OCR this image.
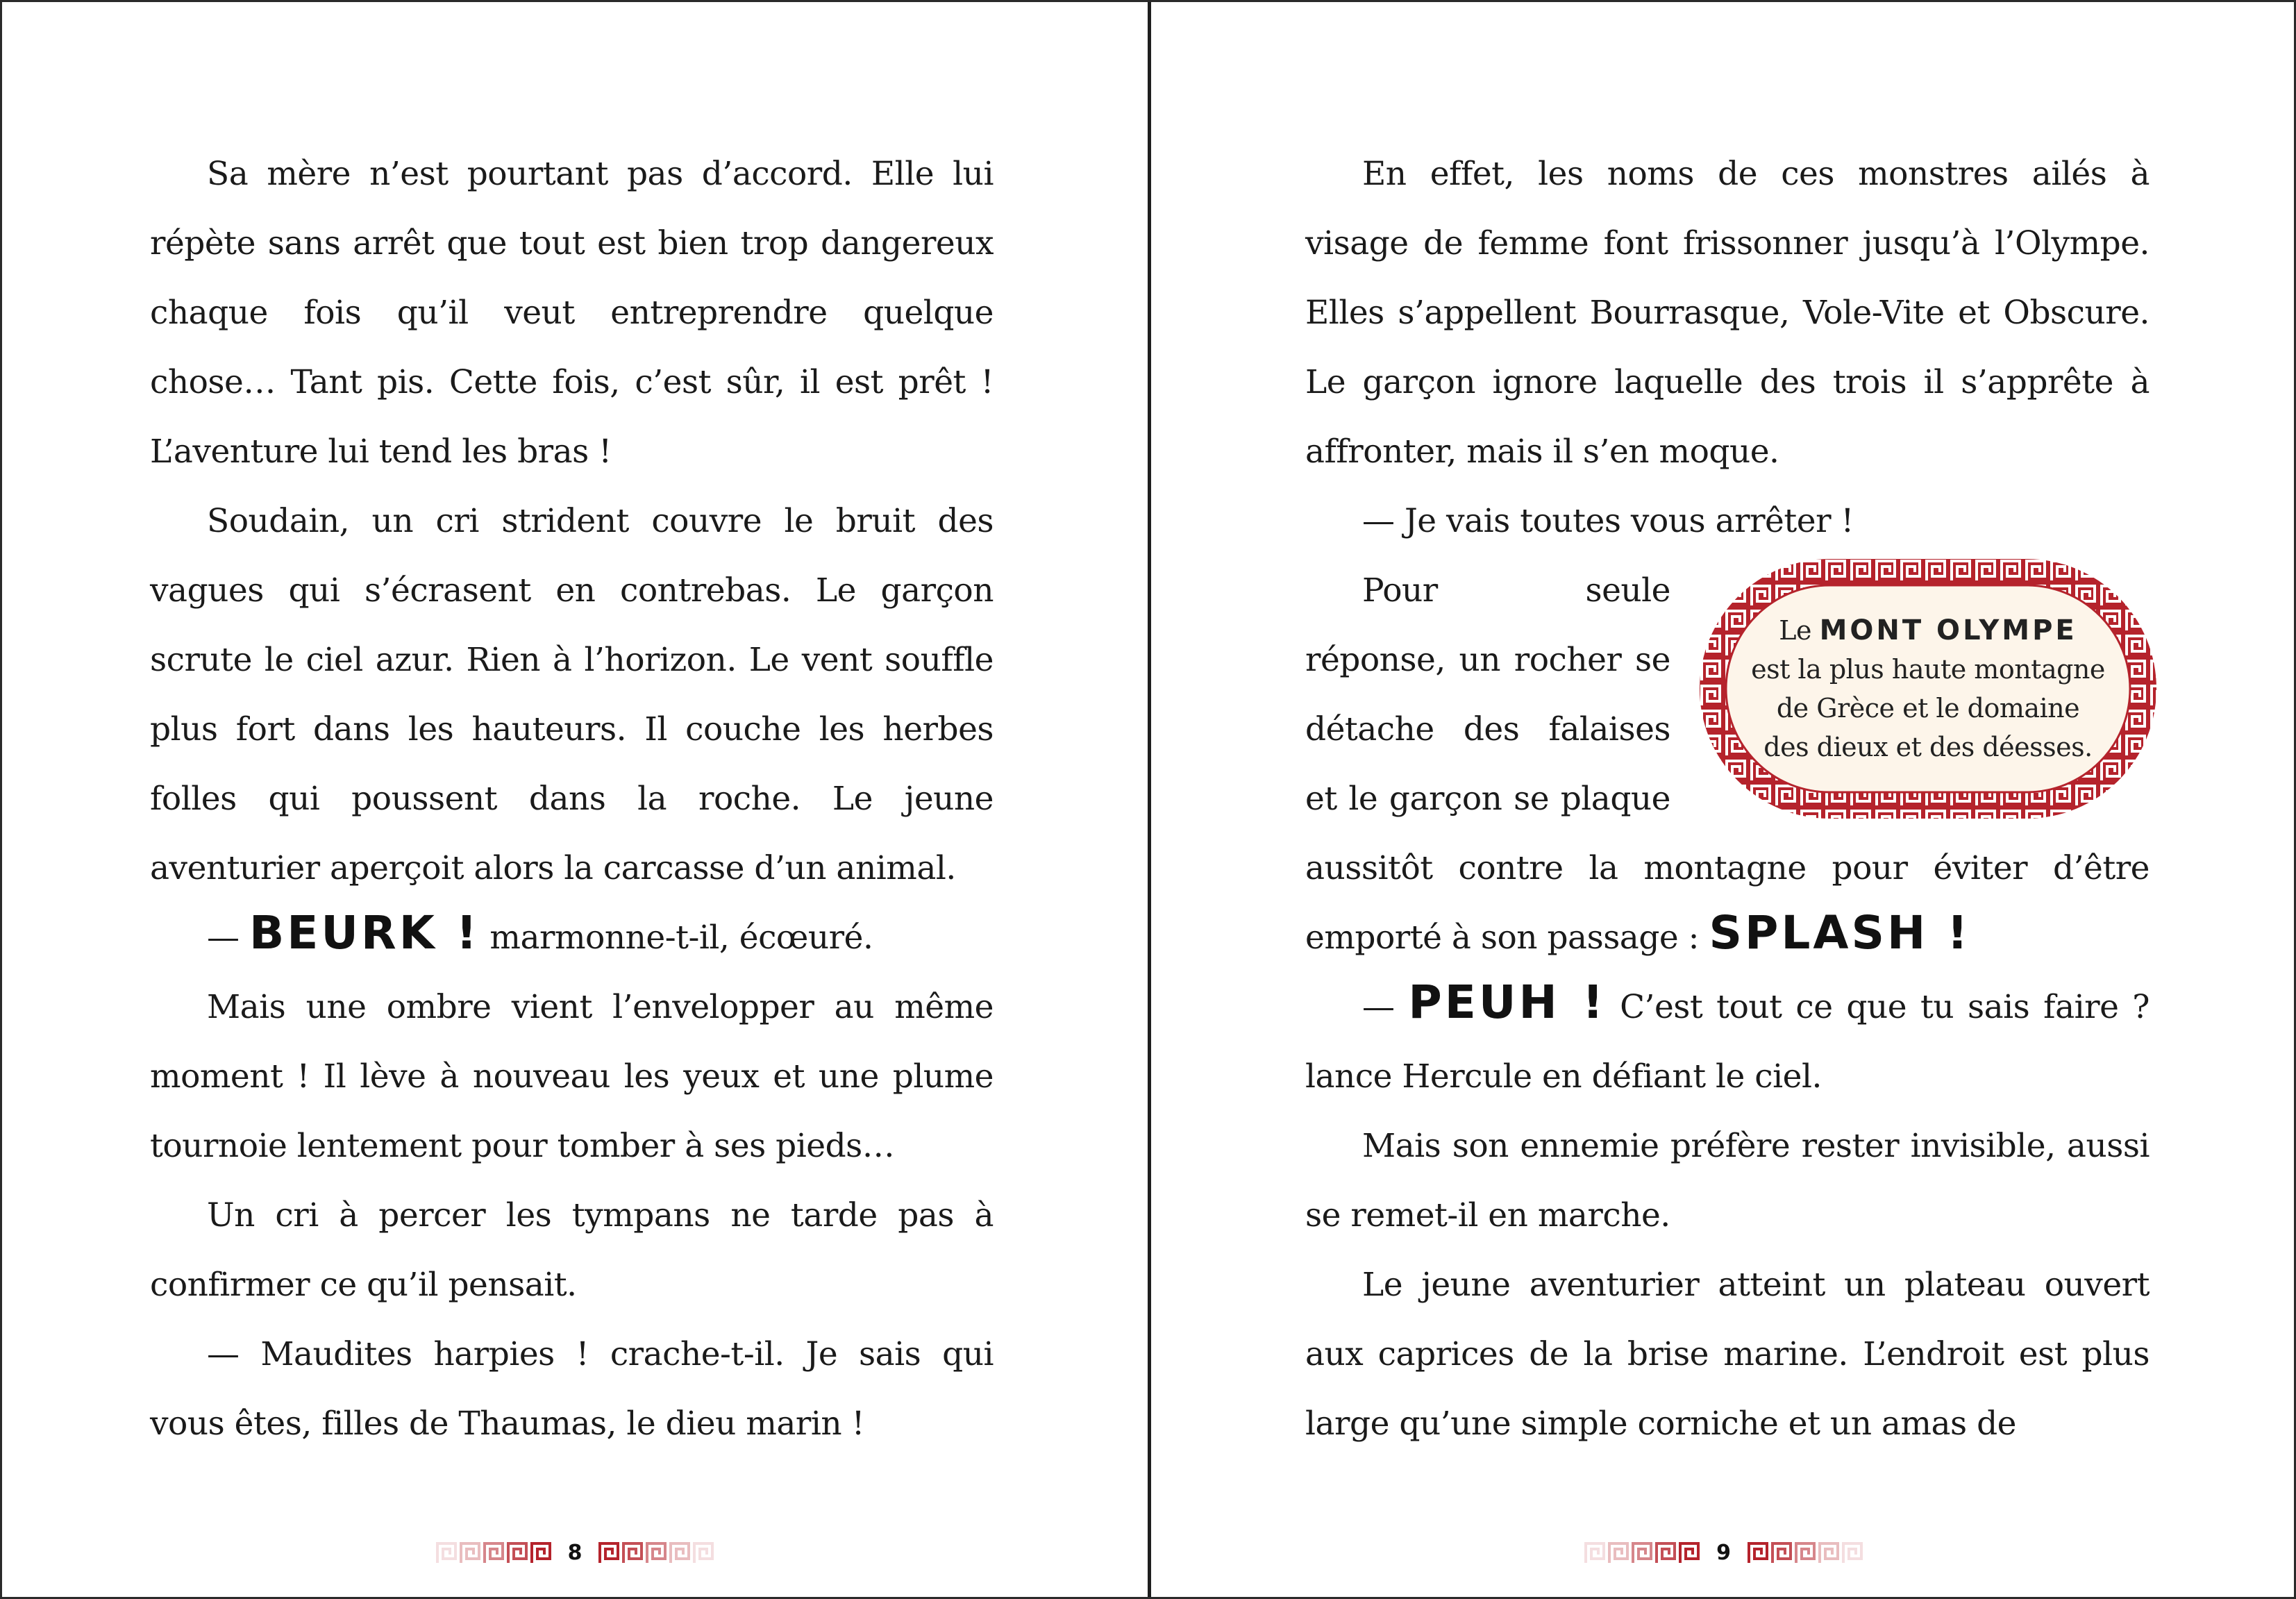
Sa mère n’est pourtant pas d’accord. Elle lui répète sans arrêt que tout est bien trop dangereux chaque fois qu’il veut entreprendre quelque chose… Tant pis. Cette fois, c’est sûr, il est prêt ! L’aventure lui tend les bras !

Soudain, un cri strident couvre le bruit des vagues qui s’écrasent en contrebas. Le garçon scrute le ciel azur. Rien à l’horizon. Le vent souffle plus fort dans les hauteurs. Il couche les herbes folles qui poussent dans la roche. Le jeune aventurier aperçoit alors la carcasse d’un animal.

— BEURK ! marmonne-t-il, écœuré.

Mais une ombre vient l’envelopper au même moment ! Il lève à nouveau les yeux et une plume tournoie lentement pour tomber à ses pieds…

Un cri à percer les tympans ne tarde pas à confirmer ce qu’il pensait.

— Maudites harpies ! crache-t-il. Je sais qui vous êtes, filles de Thaumas, le dieu marin !

8

En effet, les noms de ces monstres ailés à visage de femme font frissonner jusqu’à l’Olympe. Elles s’appellent Bourrasque, Vole-Vite et Obscure. Le garçon ignore laquelle des trois il s’apprête à affronter, mais il s’en moque.

— Je vais toutes vous arrêter !

Le MONT OLYMPE
est la plus haute montagne
de Grèce et le domaine
des dieux et des déesses.
Pour seule réponse, un rocher se détache des falaises et le garçon se plaque aussitôt contre la montagne pour éviter d’être emporté à son passage : SPLASH !

— PEUH ! C’est tout ce que tu sais faire ? lance Hercule en défiant le ciel.

Mais son ennemie préfère rester invisible, aussi se remet-il en marche.

Le jeune aventurier atteint un plateau ouvert aux caprices de la brise marine. L’endroit est plus large qu’une simple corniche et un amas de

9
